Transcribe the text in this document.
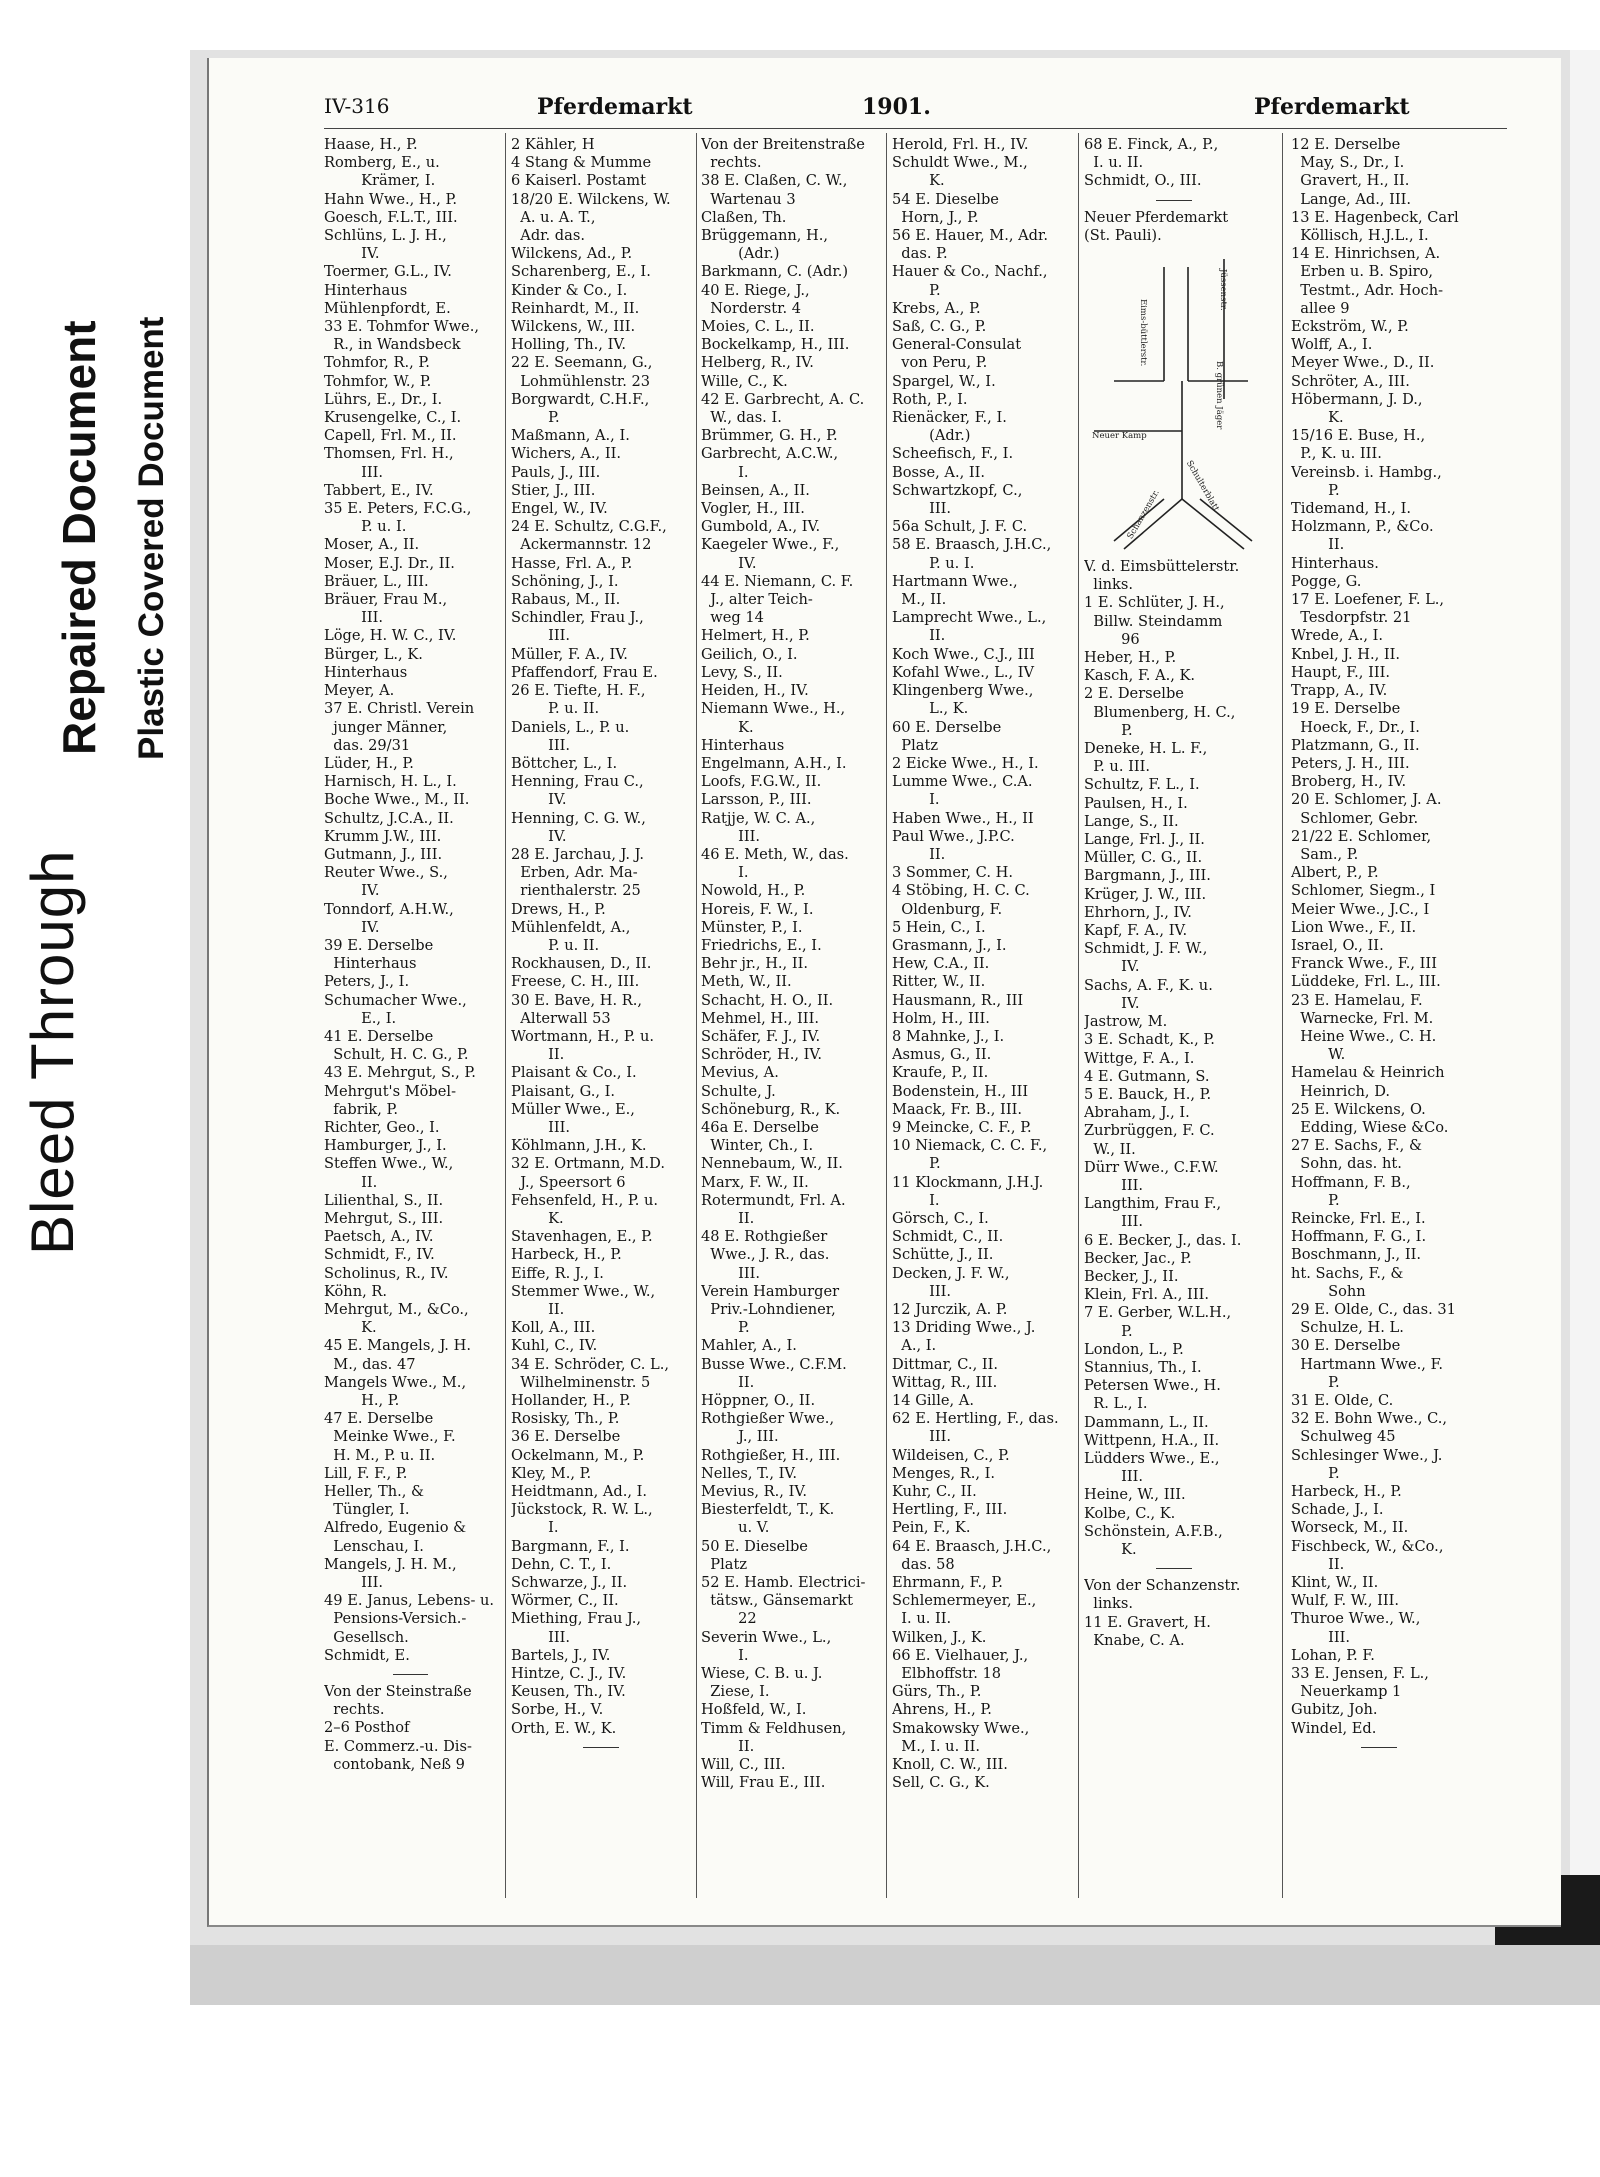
Bleed Through
Repaired Document Plastic Covered Document
IV-316	Pferdemarkt	1901.	Pferdemarkt
Haase, H., P.
Romberg, E., u.
Krämer, I.
Hahn Wwe., H., P.
Goesch, F.L.T., III.
Schlüns, L. J. H.,
IV.
Toermer, G.L., IV.
Hinterhaus
Mühlenpfordt, E.
33 E. Tohmfor Wwe.,
R., in Wandsbeck
Tohmfor, R., P.
Tohmfor, W., P.
Lührs, E., Dr., I.
Krusengelke, C., I.
Capell, Frl. M., II.
Thomsen, Frl. H.,
III.
Tabbert, E., IV.
35 E. Peters, F.C.G.,
P. u. I.
Moser, A., II.
Moser, E.J. Dr., II.
Bräuer, L., III.
Bräuer, Frau M.,
III.
Löge, H. W. C., IV.
Bürger, L., K.
Hinterhaus
Meyer, A.
37 E. Christl. Verein
junger Männer,
das. 29/31
Lüder, H., P.
Harnisch, H. L., I.
Boche Wwe., M., II.
Schultz, J.C.A., II.
Krumm J.W., III.
Gutmann, J., III.
Reuter Wwe., S.,
IV.
Tonndorf, A.H.W.,
IV.
39 E. Derselbe
Hinterhaus
Peters, J., I.
Schumacher Wwe.,
E., I.
41 E. Derselbe
Schult, H. C. G., P.
43 E. Mehrgut, S., P.
Mehrgut's Möbel-
fabrik, P.
Richter, Geo., I.
Hamburger, J., I.
Steffen Wwe., W.,
II.
Lilienthal, S., II.
Mehrgut, S., III.
Paetsch, A., IV.
Schmidt, F., IV.
Scholinus, R., IV.
Köhn, R.
Mehrgut, M., &Co.,
K.
45 E. Mangels, J. H.
M., das. 47
Mangels Wwe., M.,
H., P.
47 E. Derselbe
Meinke Wwe., F.
H. M., P. u. II.
Lill, F. F., P.
Heller, Th., &
Tüngler, I.
Alfredo, Eugenio &
Lenschau, I.
Mangels, J. H. M.,
III.
49 E. Janus, Lebens- u.
Pensions-Versich.-
Gesellsch.
Schmidt, E.
Von der Steinstraße
rechts.
2–6 Posthof
E. Commerz.-u. Dis-
contobank, Neß 9
2 Kähler, H
4 Stang & Mumme
6 Kaiserl. Postamt
18/20 E. Wilckens, W.
A. u. A. T.,
Adr. das.
Wilckens, Ad., P.
Scharenberg, E., I.
Kinder & Co., I.
Reinhardt, M., II.
Wilckens, W., III.
Holling, Th., IV.
22 E. Seemann, G.,
Lohmühlenstr. 23
Borgwardt, C.H.F.,
P.
Maßmann, A., I.
Wichers, A., II.
Pauls, J., III.
Stier, J., III.
Engel, W., IV.
24 E. Schultz, C.G.F.,
Ackermannstr. 12
Hasse, Frl. A., P.
Schöning, J., I.
Rabaus, M., II.
Schindler, Frau J.,
III.
Müller, F. A., IV.
Pfaffendorf, Frau E.
26 E. Tiefte, H. F.,
P. u. II.
Daniels, L., P. u.
III.
Böttcher, L., I.
Henning, Frau C.,
IV.
Henning, C. G. W.,
IV.
28 E. Jarchau, J. J.
Erben, Adr. Ma-
rienthalerstr. 25
Drews, H., P.
Mühlenfeldt, A.,
P. u. II.
Rockhausen, D., II.
Freese, C. H., III.
30 E. Bave, H. R.,
Alterwall 53
Wortmann, H., P. u.
II.
Plaisant & Co., I.
Plaisant, G., I.
Müller Wwe., E.,
III.
Köhlmann, J.H., K.
32 E. Ortmann, M.D.
J., Speersort 6
Fehsenfeld, H., P. u.
K.
Stavenhagen, E., P.
Harbeck, H., P.
Eiffe, R. J., I.
Stemmer Wwe., W.,
II.
Koll, A., III.
Kuhl, C., IV.
34 E. Schröder, C. L.,
Wilhelminenstr. 5
Hollander, H., P.
Rosisky, Th., P.
36 E. Derselbe
Ockelmann, M., P.
Kley, M., P.
Heidtmann, Ad., I.
Jückstock, R. W. L.,
I.
Bargmann, F., I.
Dehn, C. T., I.
Schwarze, J., II.
Wörmer, C., II.
Miething, Frau J.,
III.
Bartels, J., IV.
Hintze, C. J., IV.
Keusen, Th., IV.
Sorbe, H., V.
Orth, E. W., K.
Von der Breitenstraße
rechts.
38 E. Claßen, C. W.,
Wartenau 3
Claßen, Th.
Brüggemann, H.,
(Adr.)
Barkmann, C. (Adr.)
40 E. Riege, J.,
Norderstr. 4
Moies, C. L., II.
Bockelkamp, H., III.
Helberg, R., IV.
Wille, C., K.
42 E. Garbrecht, A. C.
W., das. I.
Brümmer, G. H., P.
Garbrecht, A.C.W.,
I.
Beinsen, A., II.
Vogler, H., III.
Gumbold, A., IV.
Kaegeler Wwe., F.,
IV.
44 E. Niemann, C. F.
J., alter Teich-
weg 14
Helmert, H., P.
Geilich, O., I.
Levy, S., II.
Heiden, H., IV.
Niemann Wwe., H.,
K.
Hinterhaus
Engelmann, A.H., I.
Loofs, F.G.W., II.
Larsson, P., III.
Ratjje, W. C. A.,
III.
46 E. Meth, W., das.
I.
Nowold, H., P.
Horeis, F. W., I.
Münster, P., I.
Friedrichs, E., I.
Behr jr., H., II.
Meth, W., II.
Schacht, H. O., II.
Mehmel, H., III.
Schäfer, F. J., IV.
Schröder, H., IV.
Mevius, A.
Schulte, J.
Schöneburg, R., K.
46a E. Derselbe
Winter, Ch., I.
Nennebaum, W., II.
Marx, F. W., II.
Rotermundt, Frl. A.
II.
48 E. Rothgießer
Wwe., J. R., das.
III.
Verein Hamburger
Priv.-Lohndiener,
P.
Mahler, A., I.
Busse Wwe., C.F.M.
II.
Höppner, O., II.
Rothgießer Wwe.,
J., III.
Rothgießer, H., III.
Nelles, T., IV.
Mevius, R., IV.
Biesterfeldt, T., K.
u. V.
50 E. Dieselbe
Platz
52 E. Hamb. Electrici-
tätsw., Gänsemarkt
22
Severin Wwe., L.,
I.
Wiese, C. B. u. J.
Ziese, I.
Hoßfeld, W., I.
Timm & Feldhusen,
II.
Will, C., III.
Will, Frau E., III.
Herold, Frl. H., IV.
Schuldt Wwe., M.,
K.
54 E. Dieselbe
Horn, J., P.
56 E. Hauer, M., Adr.
das. P.
Hauer & Co., Nachf.,
P.
Krebs, A., P.
Saß, C. G., P.
General-Consulat
von Peru, P.
Spargel, W., I.
Roth, P., I.
Rienäcker, F., I.
(Adr.)
Scheefisch, F., I.
Bosse, A., II.
Schwartzkopf, C.,
III.
56a Schult, J. F. C.
58 E. Braasch, J.H.C.,
P. u. I.
Hartmann Wwe.,
M., II.
Lamprecht Wwe., L.,
II.
Koch Wwe., C.J., III
Kofahl Wwe., L., IV
Klingenberg Wwe.,
L., K.
60 E. Derselbe
Platz
2 Eicke Wwe., H., I.
Lumme Wwe., C.A.
I.
Haben Wwe., H., II
Paul Wwe., J.P.C.
II.
3 Sommer, C. H.
4 Stöbing, H. C. C.
Oldenburg, F.
5 Hein, C., I.
Grasmann, J., I.
Hew, C.A., II.
Ritter, W., II.
Hausmann, R., III
Holm, H., III.
8 Mahnke, J., I.
Asmus, G., II.
Kraufe, P., II.
Bodenstein, H., III
Maack, Fr. B., III.
9 Meincke, C. F., P.
10 Niemack, C. C. F.,
P.
11 Klockmann, J.H.J.
I.
Görsch, C., I.
Schmidt, C., II.
Schütte, J., II.
Decken, J. F. W.,
III.
12 Jurczik, A. P.
13 Driding Wwe., J.
A., I.
Dittmar, C., II.
Wittag, R., III.
14 Gille, A.
62 E. Hertling, F., das.
III.
Wildeisen, C., P.
Menges, R., I.
Kuhr, C., II.
Hertling, F., III.
Pein, F., K.
64 E. Braasch, J.H.C.,
das. 58
Ehrmann, F., P.
Schlemermeyer, E.,
I. u. II.
Wilken, J., K.
66 E. Vielhauer, J.,
Elbhoffstr. 18
Gürs, Th., P.
Ahrens, H., P.
Smakowsky Wwe.,
M., I. u. II.
Knoll, C. W., III.
Sell, C. G., K.
68 E. Finck, A., P.,
I. u. II.
Schmidt, O., III.
Neuer Pferdemarkt
(St. Pauli).
Neuer Kamp
Eims-büttlerstr.
Jüssenstr.
B. grünen Jäger
Schanzenstr.
Schulterblatt
V. d. Eimsbüttelerstr.
links.
1 E. Schlüter, J. H.,
Billw. Steindamm
96
Heber, H., P.
Kasch, F. A., K.
2 E. Derselbe
Blumenberg, H. C.,
P.
Deneke, H. L. F.,
P. u. III.
Schultz, F. L., I.
Paulsen, H., I.
Lange, S., II.
Lange, Frl. J., II.
Müller, C. G., II.
Bargmann, J., III.
Krüger, J. W., III.
Ehrhorn, J., IV.
Kapf, F. A., IV.
Schmidt, J. F. W.,
IV.
Sachs, A. F., K. u.
IV.
Jastrow, M.
3 E. Schadt, K., P.
Wittge, F. A., I.
4 E. Gutmann, S.
5 E. Bauck, H., P.
Abraham, J., I.
Zurbrüggen, F. C.
W., II.
Dürr Wwe., C.F.W.
III.
Langthim, Frau F.,
III.
6 E. Becker, J., das. I.
Becker, Jac., P.
Becker, J., II.
Klein, Frl. A., III.
7 E. Gerber, W.L.H.,
P.
London, L., P.
Stannius, Th., I.
Petersen Wwe., H.
R. L., I.
Dammann, L., II.
Wittpenn, H.A., II.
Lüdders Wwe., E.,
III.
Heine, W., III.
Kolbe, C., K.
Schönstein, A.F.B.,
K.
Von der Schanzenstr.
links.
11 E. Gravert, H.
Knabe, C. A.
12 E. Derselbe
May, S., Dr., I.
Gravert, H., II.
Lange, Ad., III.
13 E. Hagenbeck, Carl
Köllisch, H.J.L., I.
14 E. Hinrichsen, A.
Erben u. B. Spiro,
Testmt., Adr. Hoch-
allee 9
Eckström, W., P.
Wolff, A., I.
Meyer Wwe., D., II.
Schröter, A., III.
Höbermann, J. D.,
K.
15/16 E. Buse, H.,
P., K. u. III.
Vereinsb. i. Hambg.,
P.
Tidemand, H., I.
Holzmann, P., &Co.
II.
Hinterhaus.
Pogge, G.
17 E. Loefener, F. L.,
Tesdorpfstr. 21
Wrede, A., I.
Knbel, J. H., II.
Haupt, F., III.
Trapp, A., IV.
19 E. Derselbe
Hoeck, F., Dr., I.
Platzmann, G., II.
Peters, J. H., III.
Broberg, H., IV.
20 E. Schlomer, J. A.
Schlomer, Gebr.
21/22 E. Schlomer,
Sam., P.
Albert, P., P.
Schlomer, Siegm., I
Meier Wwe., J.C., I
Lion Wwe., F., II.
Israel, O., II.
Franck Wwe., F., III
Lüddeke, Frl. L., III.
23 E. Hamelau, F.
Warnecke, Frl. M.
Heine Wwe., C. H.
W.
Hamelau & Heinrich
Heinrich, D.
25 E. Wilckens, O.
Edding, Wiese &Co.
27 E. Sachs, F., &
Sohn, das. ht.
Hoffmann, F. B.,
P.
Reincke, Frl. E., I.
Hoffmann, F. G., I.
Boschmann, J., II.
ht. Sachs, F., &
Sohn
29 E. Olde, C., das. 31
Schulze, H. L.
30 E. Derselbe
Hartmann Wwe., F.
P.
31 E. Olde, C.
32 E. Bohn Wwe., C.,
Schulweg 45
Schlesinger Wwe., J.
P.
Harbeck, H., P.
Schade, J., I.
Worseck, M., II.
Fischbeck, W., &Co.,
II.
Klint, W., II.
Wulf, F. W., III.
Thuroe Wwe., W.,
III.
Lohan, P. F.
33 E. Jensen, F. L.,
Neuerkamp 1
Gubitz, Joh.
Windel, Ed.
